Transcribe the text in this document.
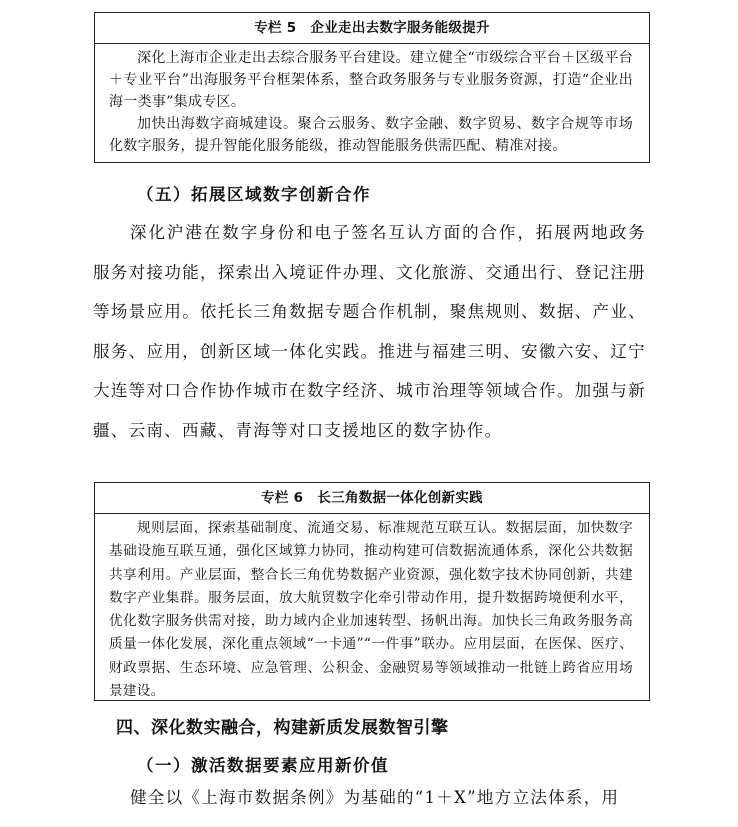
专栏 5 企业走出去数字服务能级提升

深化上海市企业走出去综合服务平台建设。建立健全“市级综合平台＋区级平台＋专业平台”出海服务平台框架体系，整合政务服务与专业服务资源，打造“企业出海一类事”集成专区。

加快出海数字商城建设。聚合云服务、数字金融、数字贸易、数字合规等市场化数字服务，提升智能化服务能级，推动智能服务供需匹配、精准对接。

（五）拓展区域数字创新合作

深化沪港在数字身份和电子签名互认方面的合作，拓展两地政务服务对接功能，探索出入境证件办理、文化旅游、交通出行、登记注册等场景应用。依托长三角数据专题合作机制，聚焦规则、数据、产业、服务、应用，创新区域一体化实践。推进与福建三明、安徽六安、辽宁大连等对口合作协作城市在数字经济、城市治理等领域合作。加强与新疆、云南、西藏、青海等对口支援地区的数字协作。

专栏 6 长三角数据一体化创新实践

规则层面，探索基础制度、流通交易、标准规范互联互认。数据层面，加快数字基础设施互联互通，强化区域算力协同，推动构建可信数据流通体系，深化公共数据共享利用。产业层面，整合长三角优势数据产业资源，强化数字技术协同创新，共建数字产业集群。服务层面，放大航贸数字化牵引带动作用，提升数据跨境便利水平，优化数字服务供需对接，助力域内企业加速转型、扬帆出海。加快长三角政务服务高质量一体化发展，深化重点领域“一卡通”“一件事”联办。应用层面，在医保、医疗、财政票据、生态环境、应急管理、公积金、金融贸易等领域推动一批链上跨省应用场景建设。

四、深化数实融合，构建新质发展数智引擎
（一）激活数据要素应用新价值

健全以《上海市数据条例》为基础的“1＋X”地方立法体系，用
